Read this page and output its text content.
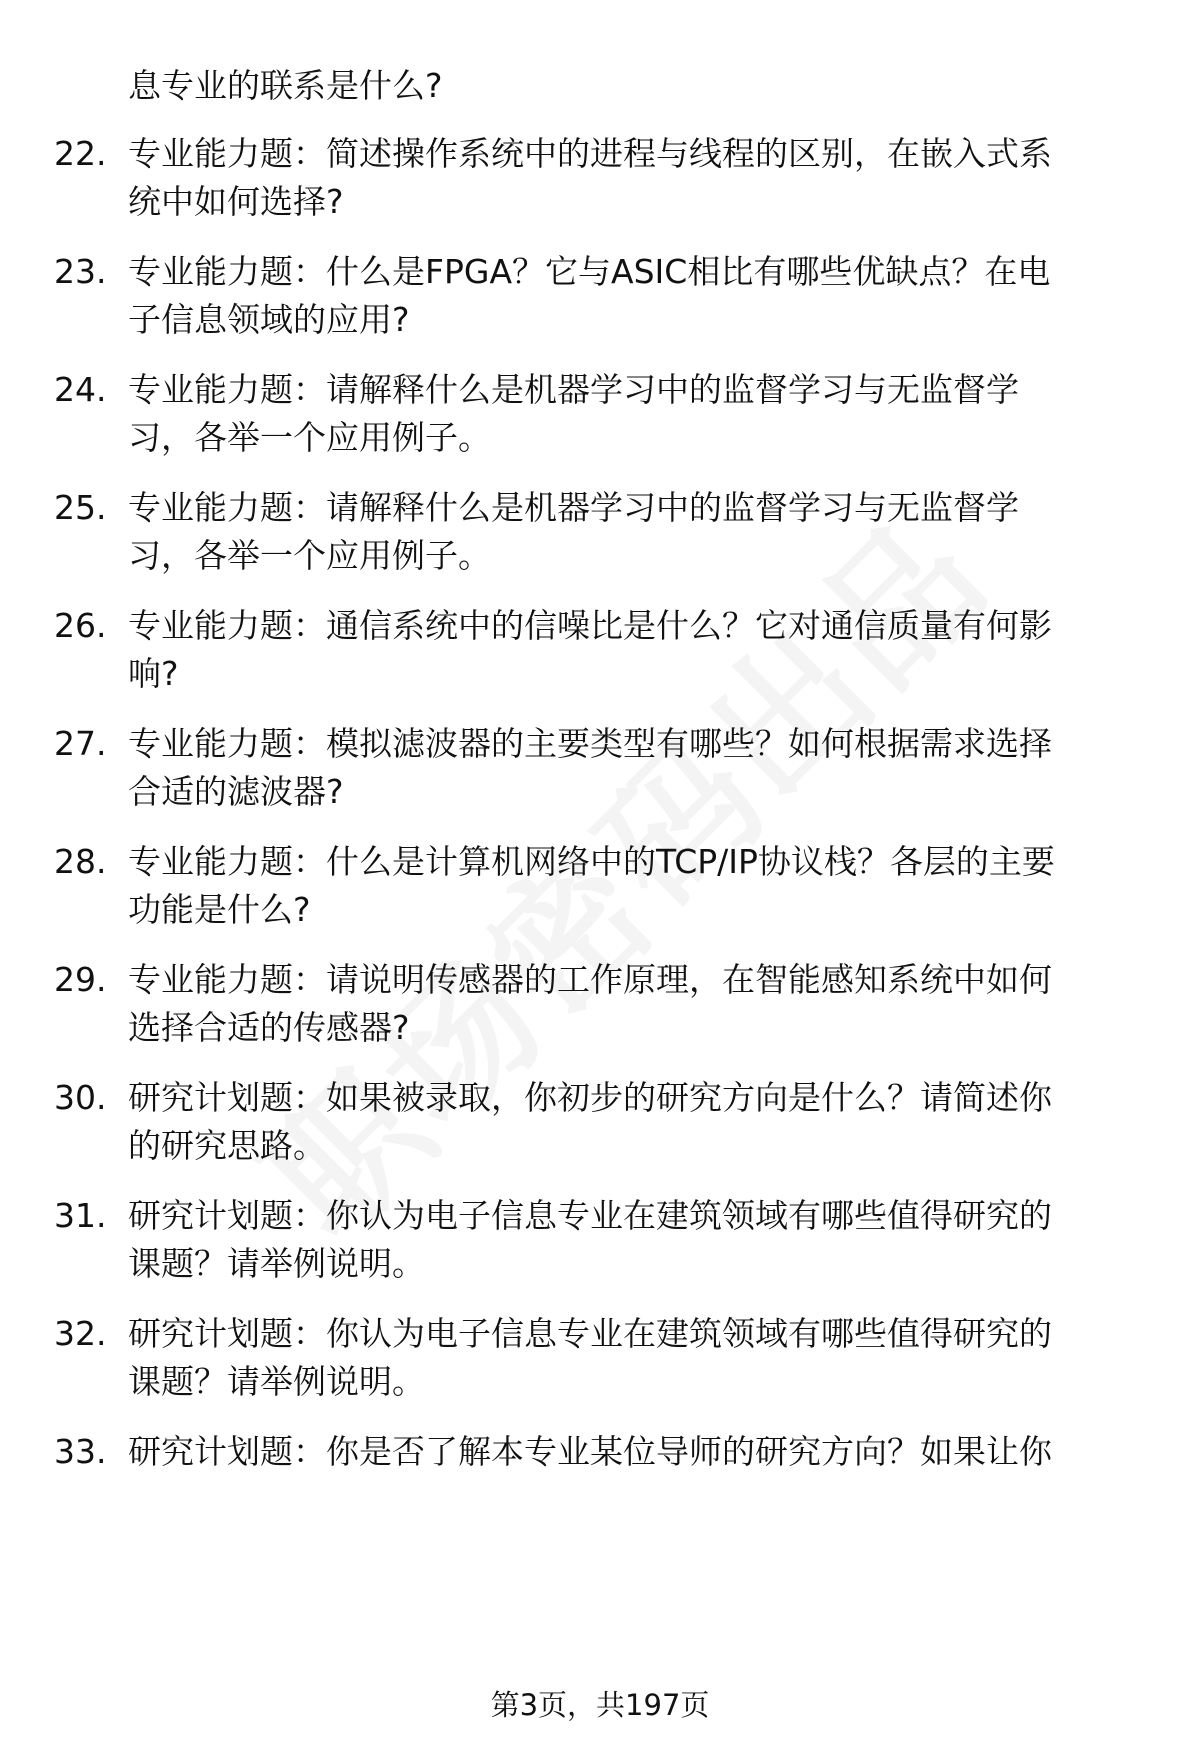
息专业的联系是什么?
22. 专业能力题：简述操作系统中的进程与线程的区别，在嵌入式系
统中如何选择?
23. 专业能力题：什么是FPGA？它与ASIC相比有哪些优缺点？在电
子信息领域的应用?
24. 专业能力题：请解释什么是机器学习中的监督学习与无监督学
习，各举一个应用例子。
25. 专业能力题：请解释什么是机器学习中的监督学习与无监督学
习，各举一个应用例子。
26. 专业能力题：通信系统中的信噪比是什么？它对通信质量有何影
响?
27. 专业能力题：模拟滤波器的主要类型有哪些？如何根据需求选择
合适的滤波器?
28. 专业能力题：什么是计算机网络中的TCP/IP协议栈？各层的主要
功能是什么?
29. 专业能力题：请说明传感器的工作原理，在智能感知系统中如何
选择合适的传感器?
30. 研究计划题：如果被录取，你初步的研究方向是什么？请简述你
的研究思路。
31. 研究计划题：你认为电子信息专业在建筑领域有哪些值得研究的
课题？请举例说明。
32. 研究计划题：你认为电子信息专业在建筑领域有哪些值得研究的
课题？请举例说明。
33. 研究计划题：你是否了解本专业某位导师的研究方向？如果让你
第3页，共197页
